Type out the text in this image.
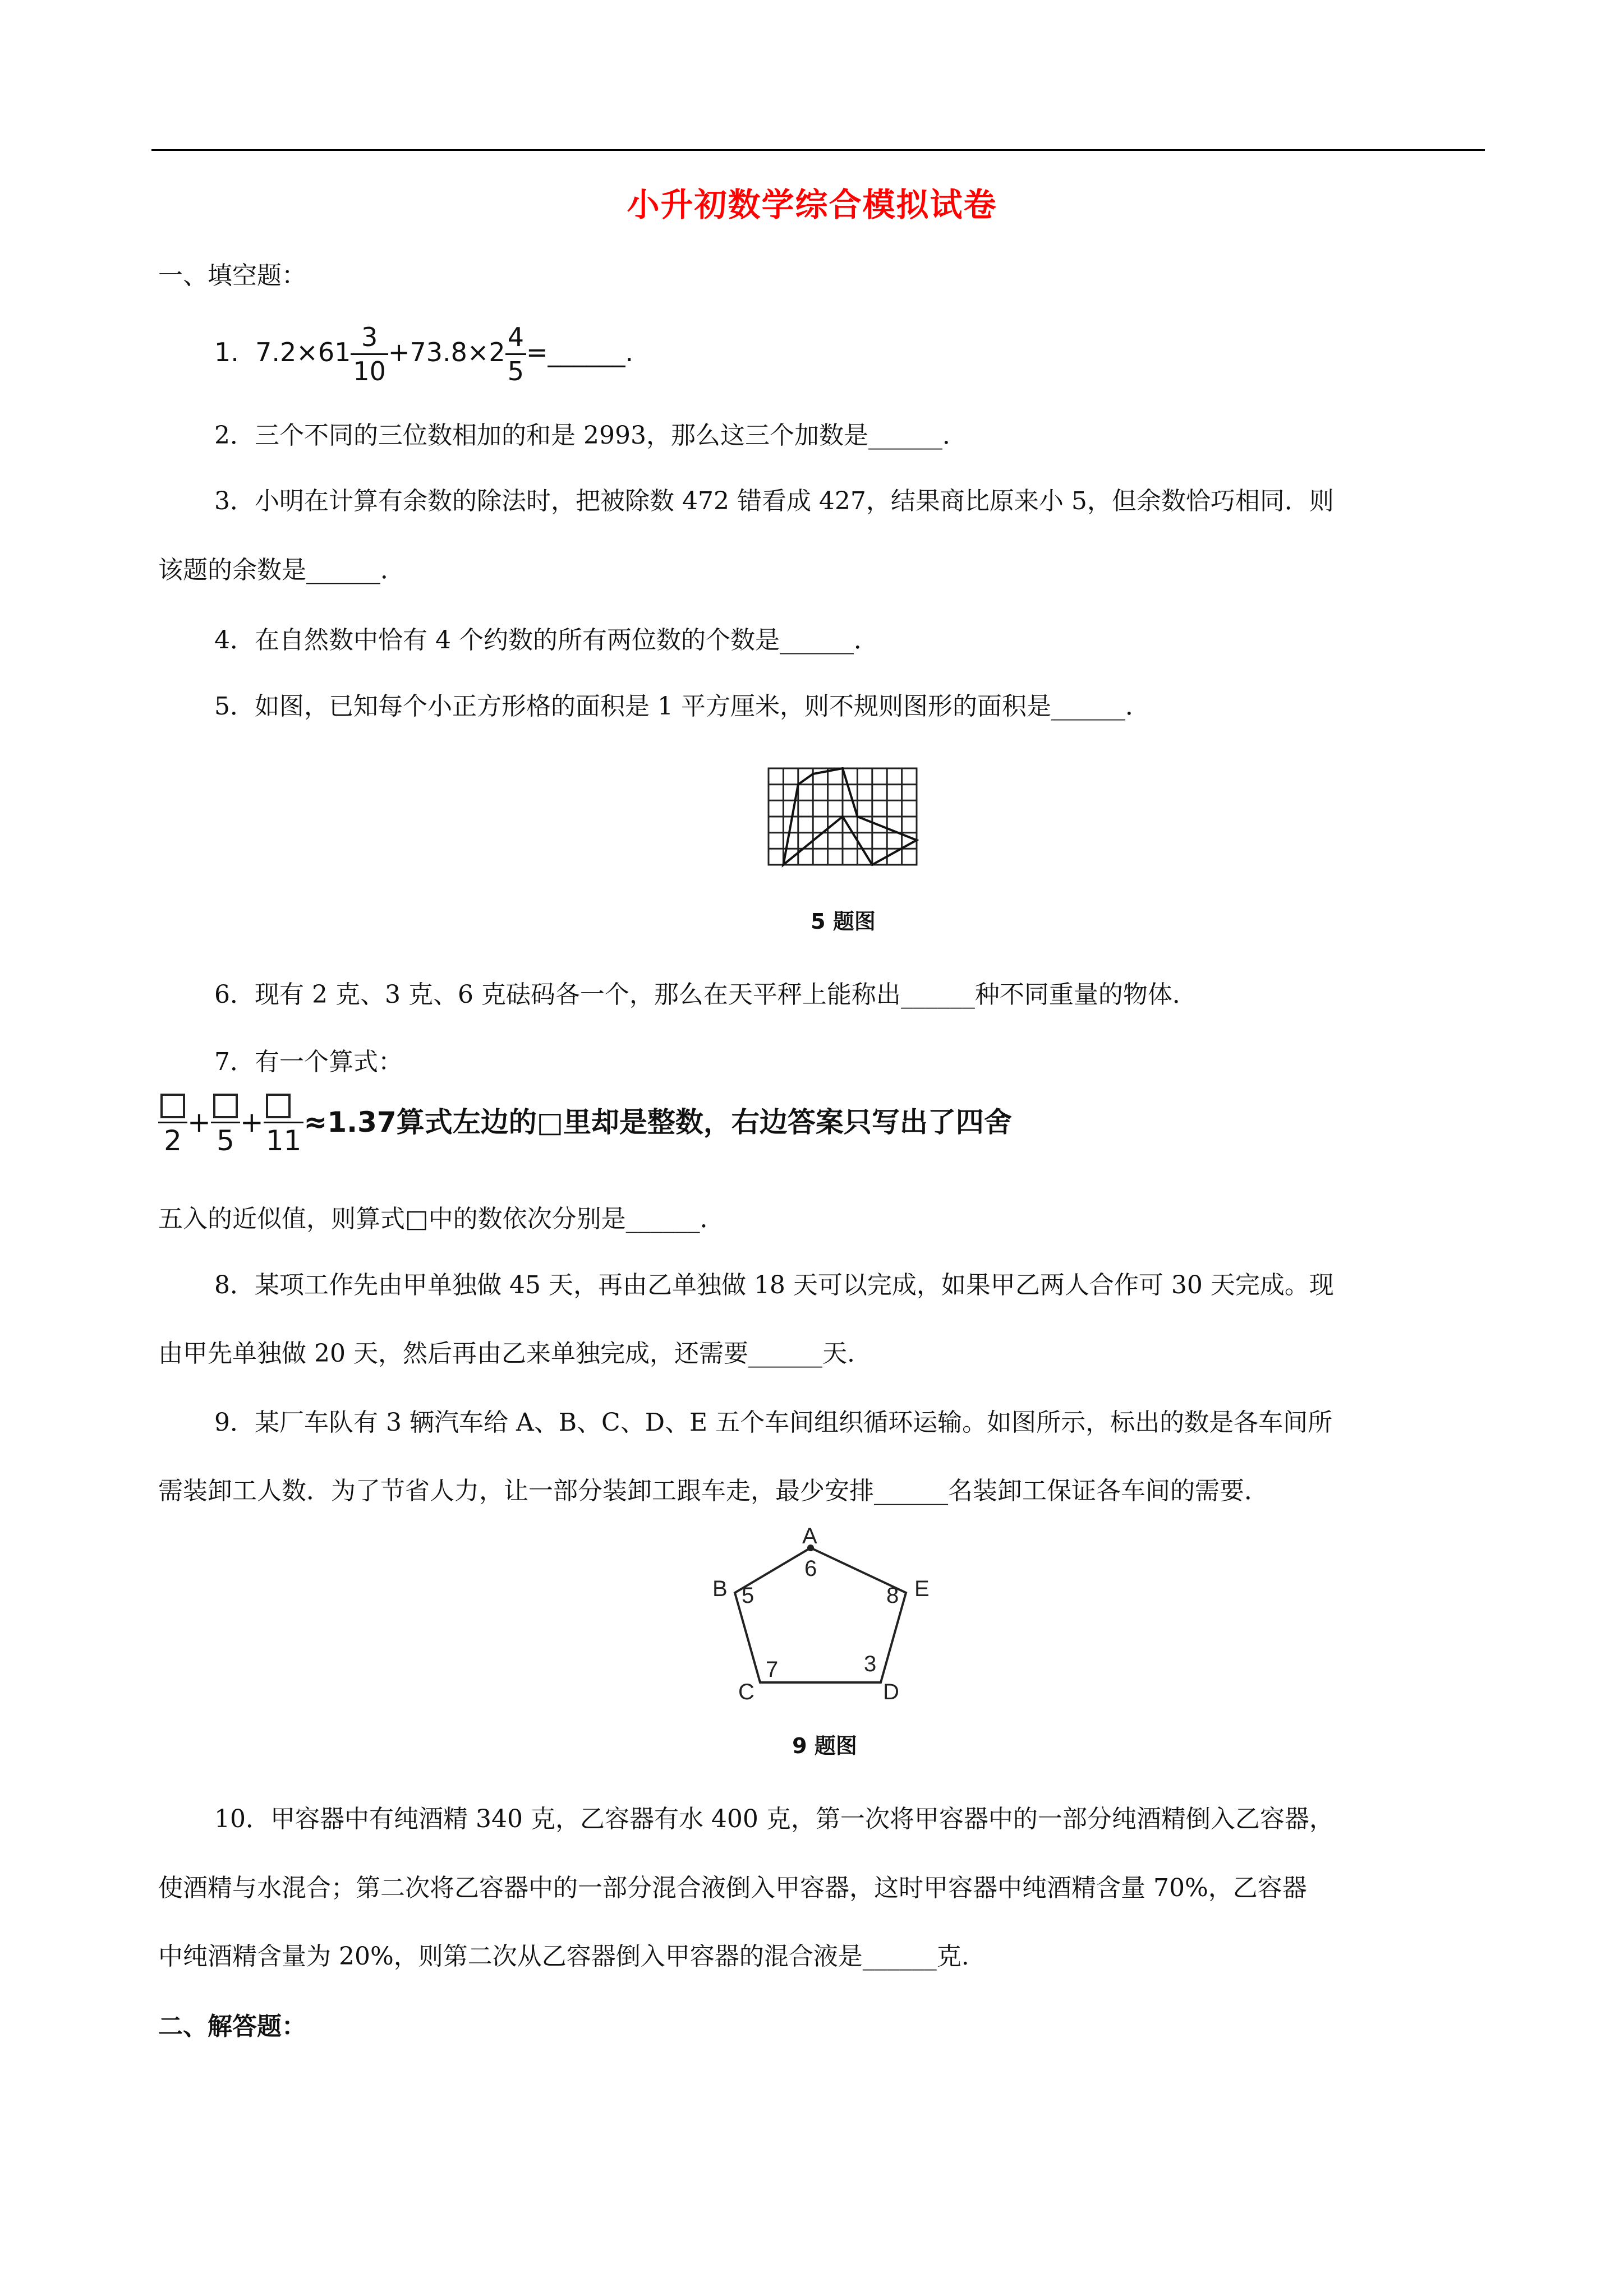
小升初数学综合模拟试卷
一、填空题：
1. $7.2\times 61 \frac{3}{10} +73.8\times 2 \frac{4}{5}$ =______.
2．三个不同的三位数相加的和是 2993，那么这三个加数是______．
3．小明在计算有余数的除法时，把被除数 472 错看成 427，结果商比原来小 5，但余数恰巧相同．则
该题的余数是______．
4．在自然数中恰有 4 个约数的所有两位数的个数是______．
5．如图，已知每个小正方形格的面积是 1 平方厘米，则不规则图形的面积是______．
5 题图
6．现有 2 克、3 克、6 克砝码各一个，那么在天平秤上能称出______种不同重量的物体．
7．有一个算式：
2
+
5
+
11
≈1.37算式左边的□里却是整数，右边答案只写出了四舍
五入的近似值，则算式□中的数依次分别是______．
8．某项工作先由甲单独做 45 天，再由乙单独做 18 天可以完成，如果甲乙两人合作可 30 天完成。现
由甲先单独做 20 天，然后再由乙来单独完成，还需要______天.
9．某厂车队有 3 辆汽车给 A、B、C、D、E 五个车间组织循环运输。如图所示，标出的数是各车间所
需装卸工人数．为了节省人力，让一部分装卸工跟车走，最少安排______名装卸工保证各车间的需要．
A
B
C	D
E
6
5
7	3
8
9 题图
10．甲容器中有纯酒精 340 克，乙容器有水 400 克，第一次将甲容器中的一部分纯酒精倒入乙容器，
使酒精与水混合；第二次将乙容器中的一部分混合液倒入甲容器，这时甲容器中纯酒精含量 70%，乙容器
中纯酒精含量为 20%，则第二次从乙容器倒入甲容器的混合液是______克.
二、解答题：
